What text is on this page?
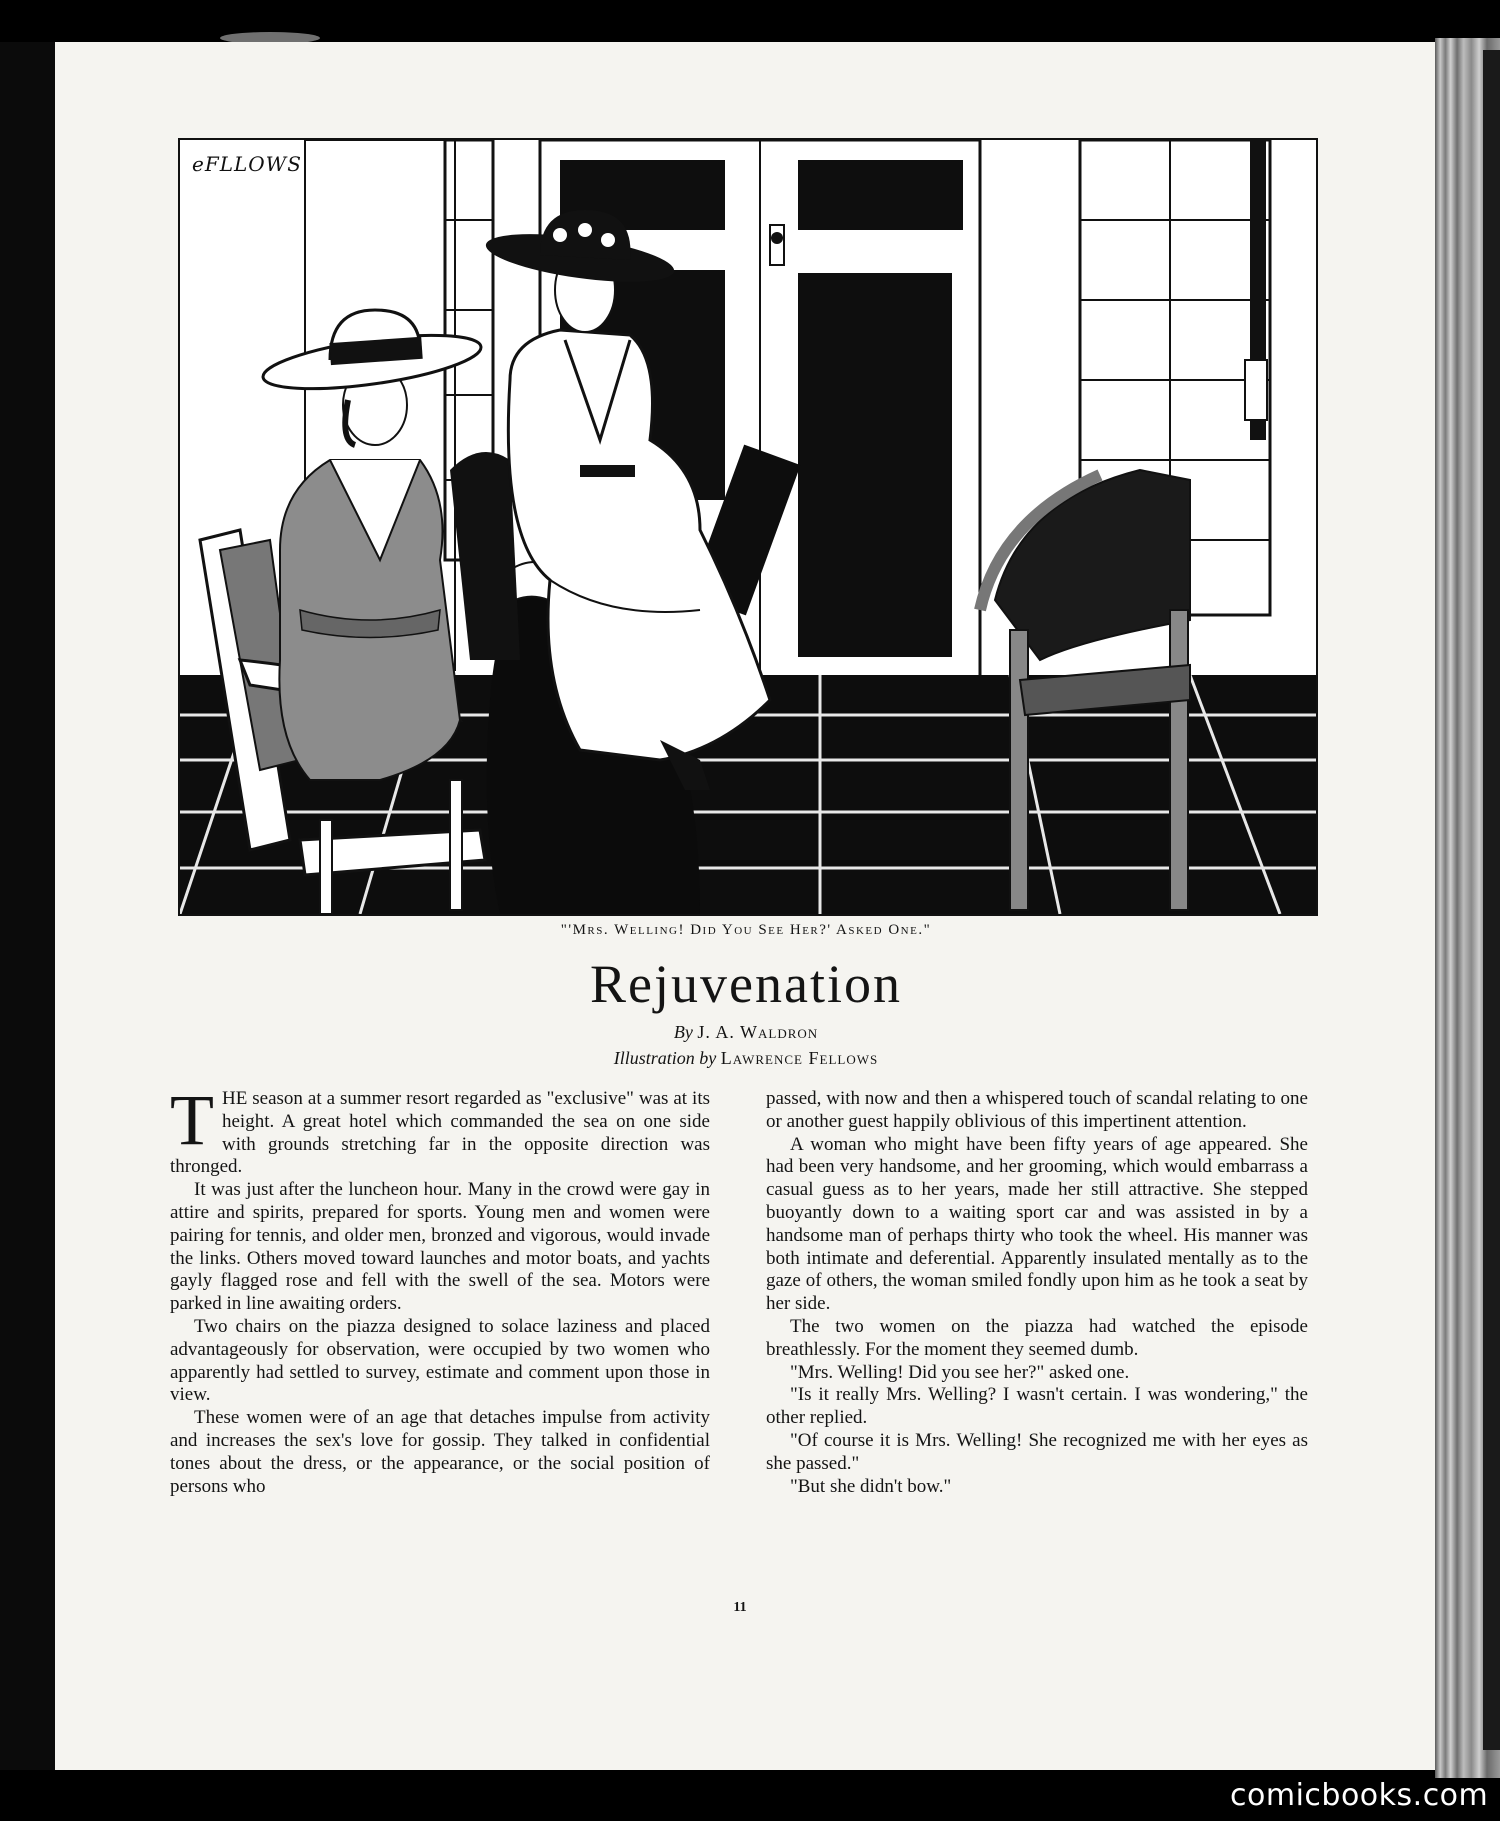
eFLLOWS
"'Mrs. Welling! Did You See Her?' Asked One."
Rejuvenation
By J. A. Waldron
Illustration by Lawrence Fellows

THE season at a summer resort regarded as "exclusive" was at its height. A great hotel which commanded the sea on one side with grounds stretching far in the opposite direction was thronged.

It was just after the luncheon hour. Many in the crowd were gay in attire and spirits, prepared for sports. Young men and women were pairing for tennis, and older men, bronzed and vigorous, would invade the links. Others moved toward launches and motor boats, and yachts gayly flagged rose and fell with the swell of the sea. Motors were parked in line awaiting orders.

Two chairs on the piazza designed to solace laziness and placed advantageously for observation, were occupied by two women who apparently had settled to survey, estimate and comment upon those in view.

These women were of an age that detaches impulse from activity and increases the sex's love for gossip. They talked in confidential tones about the dress, or the appearance, or the social position of persons who

passed, with now and then a whispered touch of scandal relating to one or another guest happily oblivious of this impertinent attention.

A woman who might have been fifty years of age appeared. She had been very handsome, and her grooming, which would embarrass a casual guess as to her years, made her still attractive. She stepped buoyantly down to a waiting sport car and was assisted in by a handsome man of perhaps thirty who took the wheel. His manner was both intimate and deferential. Apparently insulated mentally as to the gaze of others, the woman smiled fondly upon him as he took a seat by her side.

The two women on the piazza had watched the episode breathlessly. For the moment they seemed dumb.

"Mrs. Welling! Did you see her?" asked one.

"Is it really Mrs. Welling? I wasn't certain. I was wondering," the other replied.

"Of course it is Mrs. Welling! She recognized me with her eyes as she passed."

"But she didn't bow."

11
comicbooks.com
